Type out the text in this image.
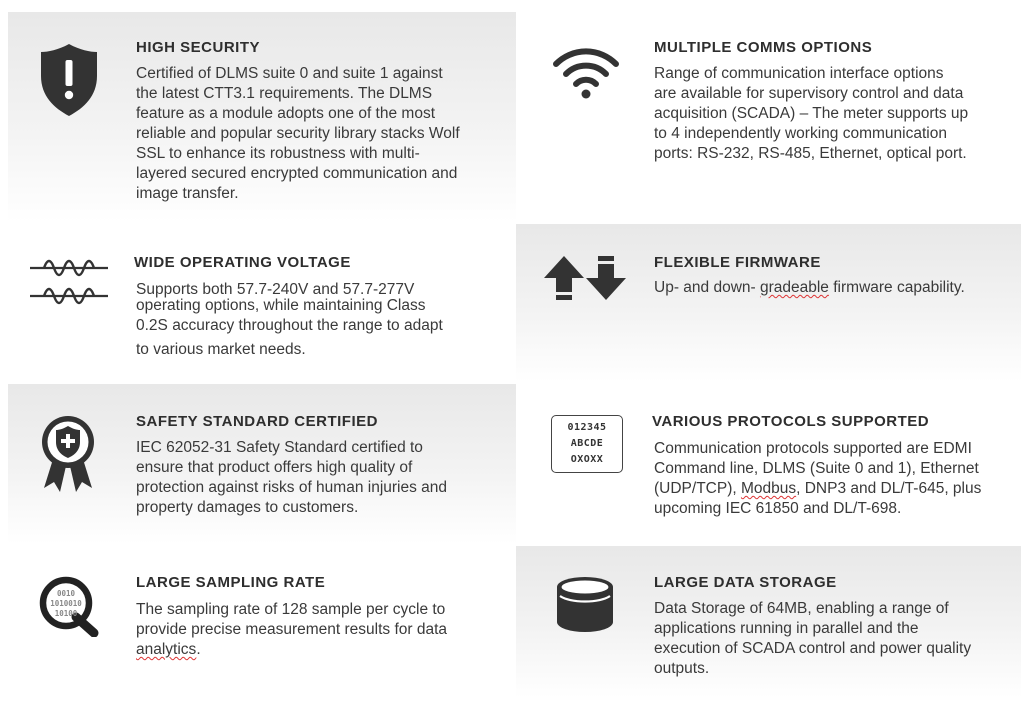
HIGH SECURITY
Certified of DLMS suite 0 and suite 1 against
the latest CTT3.1 requirements. The DLMS
feature as a module adopts one of the most
reliable and popular security library stacks Wolf
SSL to enhance its robustness with multi-
layered secured encrypted communication and
image transfer.
MULTIPLE COMMS OPTIONS
Range of communication interface options
are available for supervisory control and data
acquisition (SCADA) – The meter supports up
to 4 independently working communication
ports: RS-232, RS-485, Ethernet, optical port.
WIDE OPERATING VOLTAGE
Supports both 57.7-240V and 57.7-277V
operating options, while maintaining Class
0.2S accuracy throughout the range to adapt
to various market needs.
FLEXIBLE FIRMWARE
Up- and down- gradeable firmware capability.
SAFETY STANDARD CERTIFIED
IEC 62052-31 Safety Standard certified to
ensure that product offers high quality of
protection against risks of human injuries and
property damages to customers.
012345
ABCDE
OXOXX
VARIOUS PROTOCOLS SUPPORTED
Communication protocols supported are EDMI
Command line, DLMS (Suite 0 and 1), Ethernet
(UDP/TCP), Modbus, DNP3 and DL/T-645, plus
upcoming IEC 61850 and DL/T-698.
0010
1010010
10100
LARGE SAMPLING RATE
The sampling rate of 128 sample per cycle to
provide precise measurement results for data
analytics.
LARGE DATA STORAGE
Data Storage of 64MB, enabling a range of
applications running in parallel and the
execution of SCADA control and power quality
outputs.
